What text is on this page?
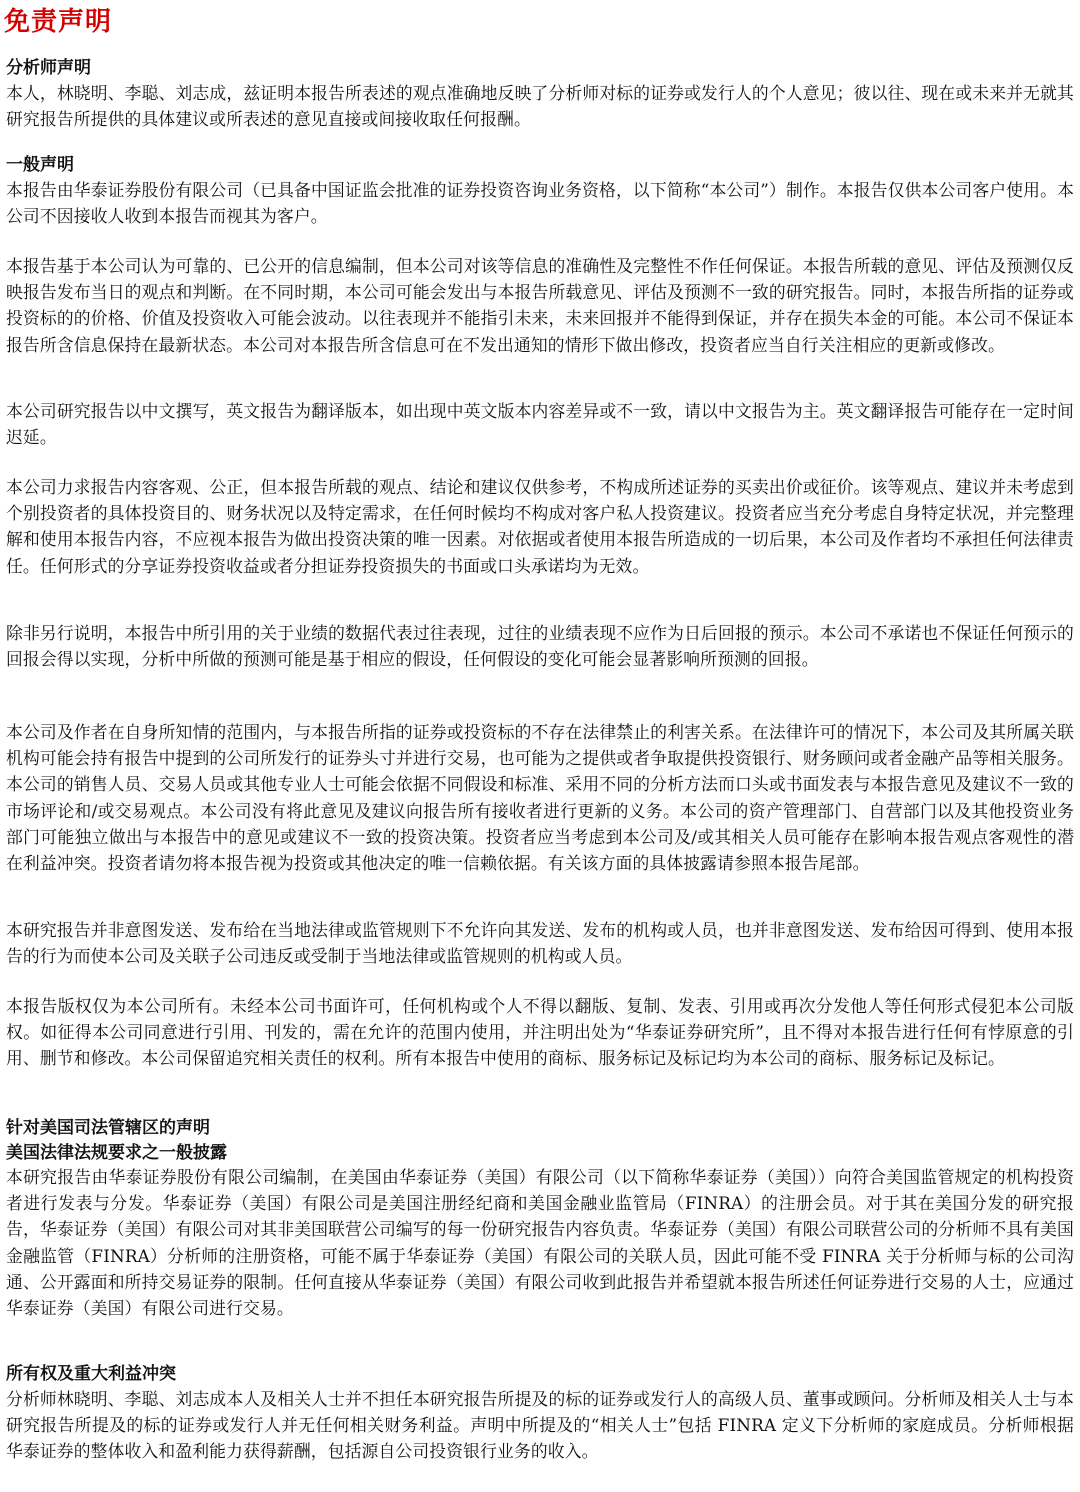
免责声明
分析师声明
本人，林晓明、李聪、刘志成，兹证明本报告所表述的观点准确地反映了分析师对标的证券或发行人的个人意见；彼以往、现在或未来并无就其研究报告所提供的具体建议或所表述的意见直接或间接收取任何报酬。
一般声明
本报告由华泰证券股份有限公司（已具备中国证监会批准的证券投资咨询业务资格，以下简称“本公司”）制作。本报告仅供本公司客户使用。本公司不因接收人收到本报告而视其为客户。
本报告基于本公司认为可靠的、已公开的信息编制，但本公司对该等信息的准确性及完整性不作任何保证。本报告所载的意见、评估及预测仅反映报告发布当日的观点和判断。在不同时期，本公司可能会发出与本报告所载意见、评估及预测不一致的研究报告。同时，本报告所指的证券或投资标的的价格、价值及投资收入可能会波动。以往表现并不能指引未来，未来回报并不能得到保证，并存在损失本金的可能。本公司不保证本报告所含信息保持在最新状态。本公司对本报告所含信息可在不发出通知的情形下做出修改，投资者应当自行关注相应的更新或修改。
本公司研究报告以中文撰写，英文报告为翻译版本，如出现中英文版本内容差异或不一致，请以中文报告为主。英文翻译报告可能存在一定时间迟延。
本公司力求报告内容客观、公正，但本报告所载的观点、结论和建议仅供参考，不构成所述证券的买卖出价或征价。该等观点、建议并未考虑到个别投资者的具体投资目的、财务状况以及特定需求，在任何时候均不构成对客户私人投资建议。投资者应当充分考虑自身特定状况，并完整理解和使用本报告内容，不应视本报告为做出投资决策的唯一因素。对依据或者使用本报告所造成的一切后果，本公司及作者均不承担任何法律责任。任何形式的分享证券投资收益或者分担证券投资损失的书面或口头承诺均为无效。
除非另行说明，本报告中所引用的关于业绩的数据代表过往表现，过往的业绩表现不应作为日后回报的预示。本公司不承诺也不保证任何预示的回报会得以实现，分析中所做的预测可能是基于相应的假设，任何假设的变化可能会显著影响所预测的回报。
本公司及作者在自身所知情的范围内，与本报告所指的证券或投资标的不存在法律禁止的利害关系。在法律许可的情况下，本公司及其所属关联机构可能会持有报告中提到的公司所发行的证券头寸并进行交易，也可能为之提供或者争取提供投资银行、财务顾问或者金融产品等相关服务。本公司的销售人员、交易人员或其他专业人士可能会依据不同假设和标准、采用不同的分析方法而口头或书面发表与本报告意见及建议不一致的市场评论和/或交易观点。本公司没有将此意见及建议向报告所有接收者进行更新的义务。本公司的资产管理部门、自营部门以及其他投资业务部门可能独立做出与本报告中的意见或建议不一致的投资决策。投资者应当考虑到本公司及/或其相关人员可能存在影响本报告观点客观性的潜在利益冲突。投资者请勿将本报告视为投资或其他决定的唯一信赖依据。有关该方面的具体披露请参照本报告尾部。
本研究报告并非意图发送、发布给在当地法律或监管规则下不允许向其发送、发布的机构或人员，也并非意图发送、发布给因可得到、使用本报告的行为而使本公司及关联子公司违反或受制于当地法律或监管规则的机构或人员。
本报告版权仅为本公司所有。未经本公司书面许可，任何机构或个人不得以翻版、复制、发表、引用或再次分发他人等任何形式侵犯本公司版权。如征得本公司同意进行引用、刊发的，需在允许的范围内使用，并注明出处为“华泰证券研究所”，且不得对本报告进行任何有悖原意的引用、删节和修改。本公司保留追究相关责任的权利。所有本报告中使用的商标、服务标记及标记均为本公司的商标、服务标记及标记。
针对美国司法管辖区的声明
美国法律法规要求之一般披露
本研究报告由华泰证券股份有限公司编制，在美国由华泰证券（美国）有限公司（以下简称华泰证券（美国））向符合美国监管规定的机构投资者进行发表与分发。华泰证券（美国）有限公司是美国注册经纪商和美国金融业监管局（FINRA）的注册会员。对于其在美国分发的研究报告，华泰证券（美国）有限公司对其非美国联营公司编写的每一份研究报告内容负责。华泰证券（美国）有限公司联营公司的分析师不具有美国金融监管（FINRA）分析师的注册资格，可能不属于华泰证券（美国）有限公司的关联人员，因此可能不受 FINRA 关于分析师与标的公司沟通、公开露面和所持交易证券的限制。任何直接从华泰证券（美国）有限公司收到此报告并希望就本报告所述任何证券进行交易的人士，应通过华泰证券（美国）有限公司进行交易。
所有权及重大利益冲突
分析师林晓明、李聪、刘志成本人及相关人士并不担任本研究报告所提及的标的证券或发行人的高级人员、董事或顾问。分析师及相关人士与本研究报告所提及的标的证券或发行人并无任何相关财务利益。声明中所提及的“相关人士”包括 FINRA 定义下分析师的家庭成员。分析师根据华泰证券的整体收入和盈利能力获得薪酬，包括源自公司投资银行业务的收入。
